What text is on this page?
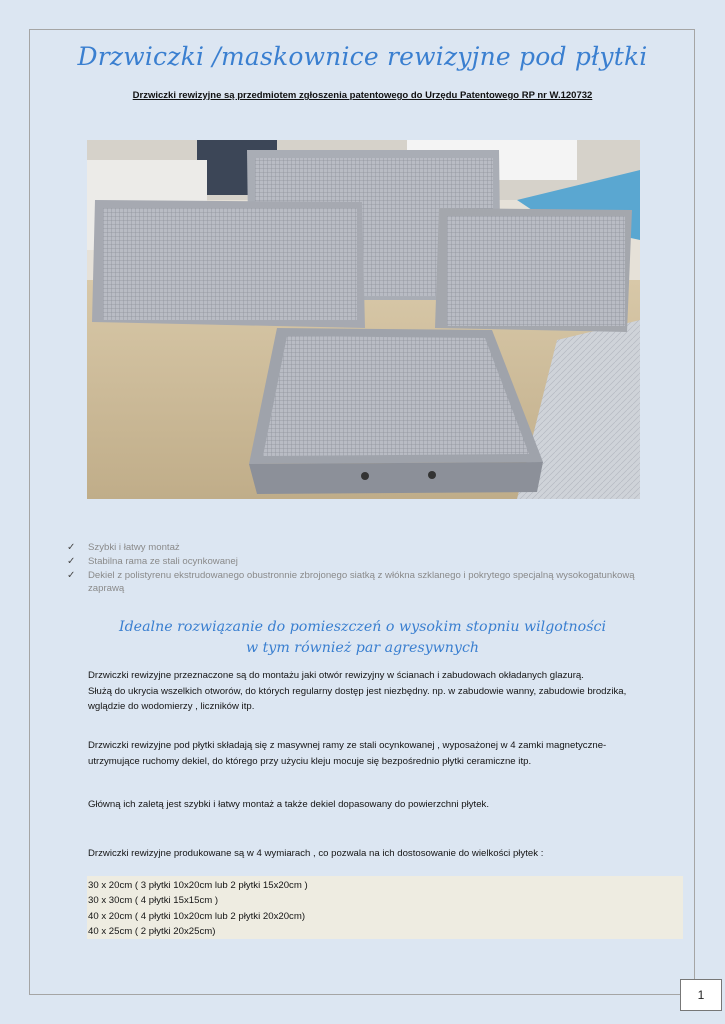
Drzwiczki /maskownice rewizyjne pod płytki
Drzwiczki rewizyjne są przedmiotem zgłoszenia patentowego do Urzędu Patentowego RP nr W.120732
✓ Szybki i łatwy montaż
✓ Stabilna rama ze stali ocynkowanej
✓ Dekiel z polistyrenu ekstrudowanego obustronnie zbrojonego siatką z włókna szklanego i pokrytego specjalną wysokogatunkową
zaprawą
Idealne rozwiązanie do pomieszczeń o wysokim stopniu wilgotności
w tym również par agresywnych
Drzwiczki rewizyjne przeznaczone są do montażu jaki otwór rewizyjny w ścianach i zabudowach okładanych glazurą.
Służą do ukrycia wszelkich otworów, do których regularny dostęp jest niezbędny. np. w zabudowie wanny, zabudowie brodzika,
wglądzie do wodomierzy , liczników itp.
Drzwiczki rewizyjne pod płytki składają się z masywnej ramy ze stali ocynkowanej , wyposażonej w 4 zamki magnetyczne-
utrzymujące ruchomy dekiel, do którego przy użyciu kleju mocuje się bezpośrednio płytki ceramiczne itp.
Główną ich zaletą jest szybki i łatwy montaż a także dekiel dopasowany do powierzchni płytek.
Drzwiczki rewizyjne produkowane są w 4 wymiarach , co pozwala na ich dostosowanie do wielkości płytek :
30 x 20cm ( 3 płytki 10x20cm lub 2 płytki 15x20cm )
30 x 30cm ( 4 płytki 15x15cm )
40 x 20cm ( 4 płytki 10x20cm lub 2 płytki 20x20cm)
40 x 25cm ( 2 płytki 20x25cm)
1
